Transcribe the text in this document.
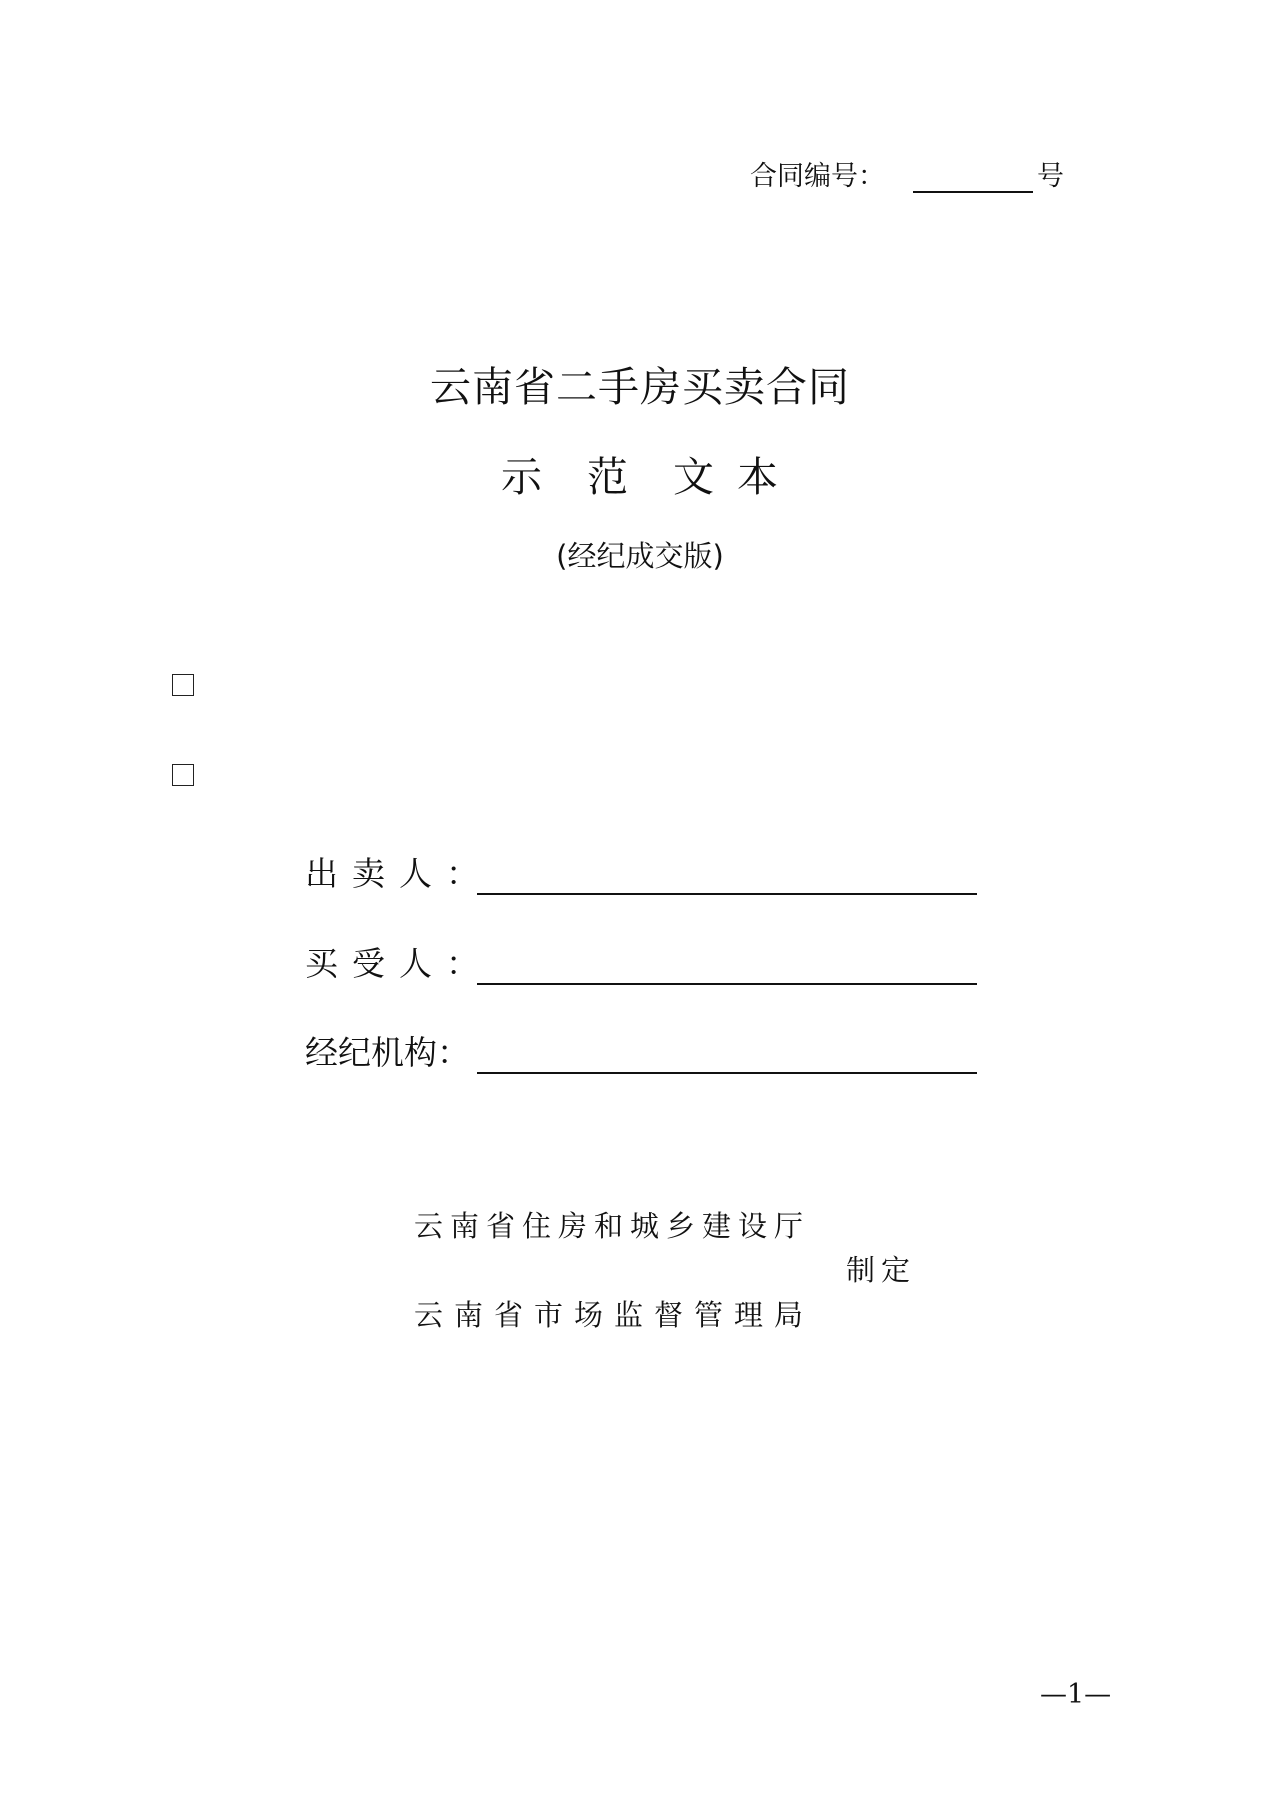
合同编号：	号
云南省二手房买卖合同
示 范 文 本
(经纪成交版)
出卖人：
买受人：
经纪机构：
云南省住房和城乡建设厅
制定
云南省市场监督管理局
—1—
